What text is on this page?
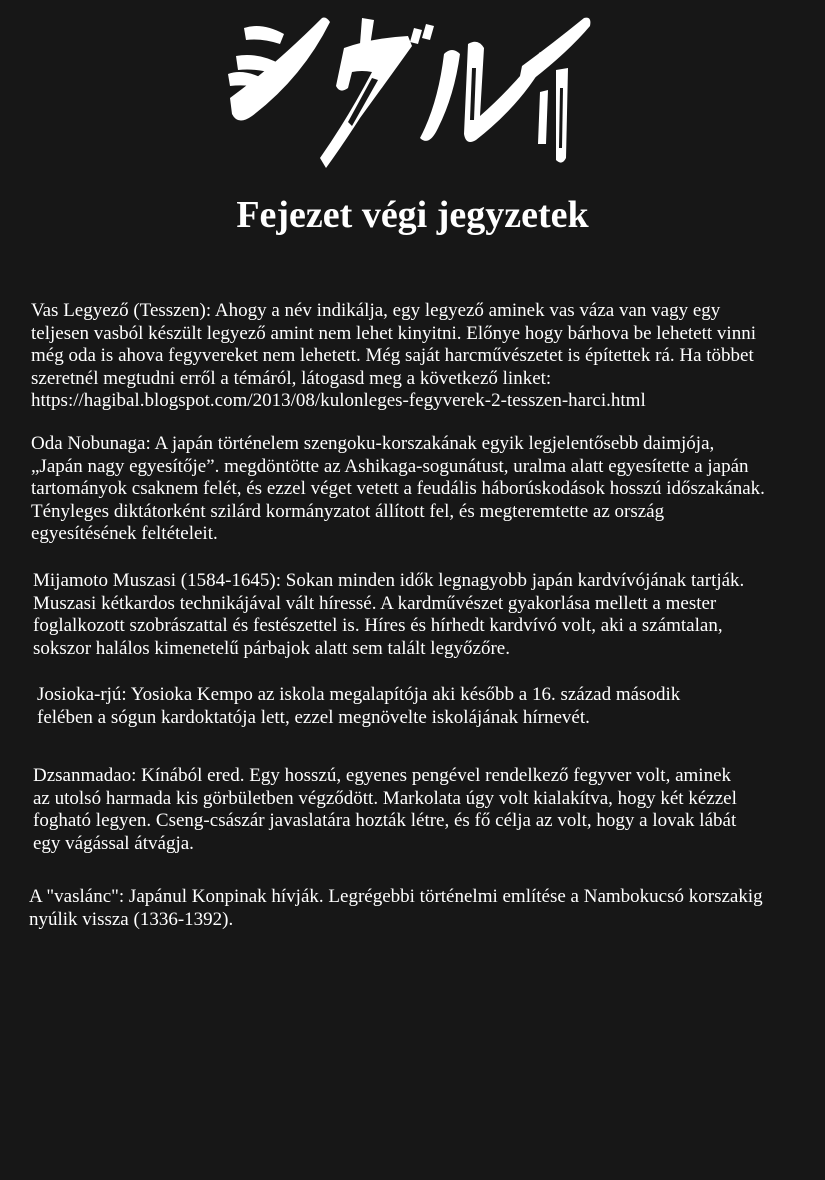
Fejezet végi jegyzetek
Vas Legyező (Tesszen): Ahogy a név indikálja, egy legyező aminek vas váza van vagy egy
teljesen vasból készült legyező amint nem lehet kinyitni. Előnye hogy bárhova be lehetett vinni
még oda is ahova fegyvereket nem lehetett. Még saját harcművészetet is építettek rá. Ha többet
szeretnél megtudni erről a témáról, látogasd meg a következő linket:
https://hagibal.blogspot.com/2013/08/kulonleges-fegyverek-2-tesszen-harci.html
Oda Nobunaga: A japán történelem szengoku-korszakának egyik legjelentősebb daimjója,
„Japán nagy egyesítője”. megdöntötte az Ashikaga-sogunátust, uralma alatt egyesítette a japán
tartományok csaknem felét, és ezzel véget vetett a feudális háborúskodások hosszú időszakának.
Tényleges diktátorként szilárd kormányzatot állított fel, és megteremtette az ország
egyesítésének feltételeit.
Mijamoto Muszasi (1584-1645): Sokan minden idők legnagyobb japán kardvívójának tartják.
Muszasi kétkardos technikájával vált híressé. A kardművészet gyakorlása mellett a mester
foglalkozott szobrászattal és festészettel is. Híres és hírhedt kardvívó volt, aki a számtalan,
sokszor halálos kimenetelű párbajok alatt sem talált legyőzőre.
Josioka-rjú: Yosioka Kempo az iskola megalapítója aki később a 16. század második
felében a sógun kardoktatója lett, ezzel megnövelte iskolájának hírnevét.
Dzsanmadao: Kínából ered. Egy hosszú, egyenes pengével rendelkező fegyver volt, aminek
az utolsó harmada kis görbületben végződött. Markolata úgy volt kialakítva, hogy két kézzel
fogható legyen. Cseng-császár javaslatára hozták létre, és fő célja az volt, hogy a lovak lábát
egy vágással átvágja.
A "vaslánc": Japánul Konpinak hívják. Legrégebbi történelmi említése a Nambokucsó korszakig
nyúlik vissza (1336-1392).
